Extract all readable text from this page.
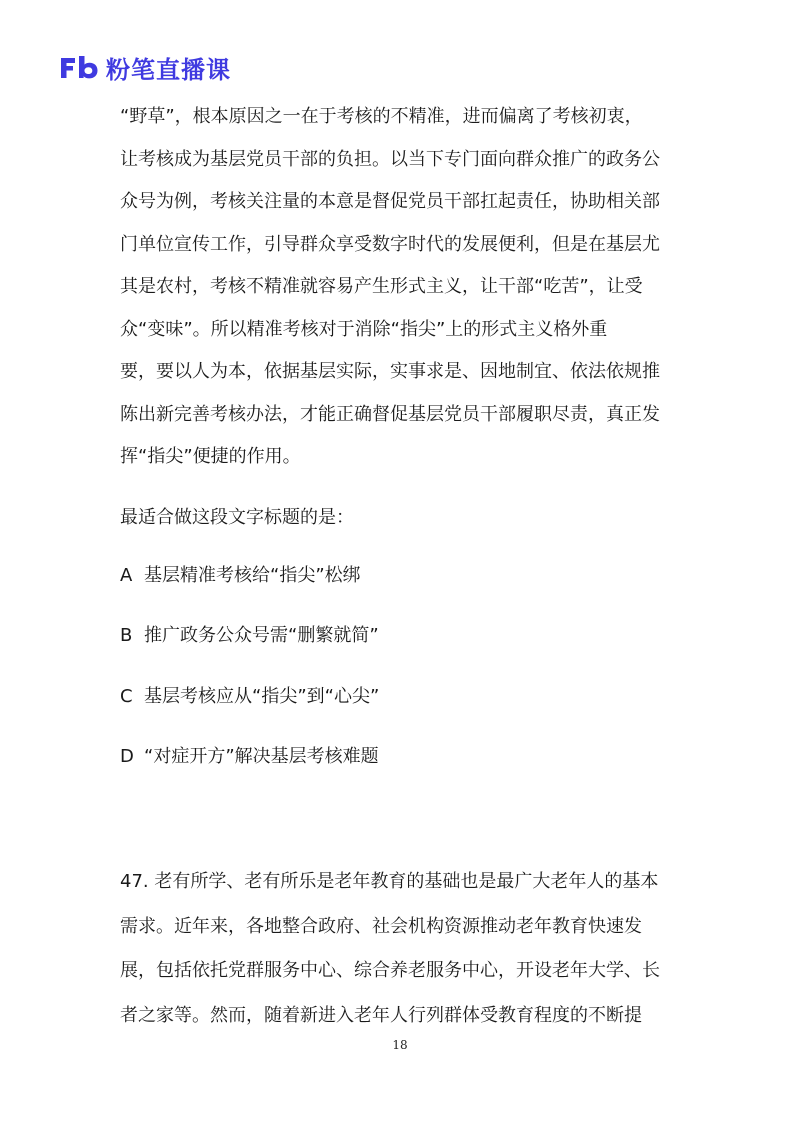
粉笔直播课

“野草”，根本原因之一在于考核的不精准，进而偏离了考核初衷，
让考核成为基层党员干部的负担。以当下专门面向群众推广的政务公
众号为例，考核关注量的本意是督促党员干部扛起责任，协助相关部
门单位宣传工作，引导群众享受数字时代的发展便利，但是在基层尤
其是农村，考核不精准就容易产生形式主义，让干部“吃苦”，让受
众“变味”。所以精准考核对于消除“指尖”上的形式主义格外重
要，要以人为本，依据基层实际，实事求是、因地制宜、依法依规推
陈出新完善考核办法，才能正确督促基层党员干部履职尽责，真正发
挥“指尖”便捷的作用。

最适合做这段文字标题的是：
A 基层精准考核给“指尖”松绑
B 推广政务公众号需“删繁就简”
C 基层考核应从“指尖”到“心尖”
D “对症开方”解决基层考核难题
47. 老有所学、老有所乐是老年教育的基础也是最广大老年人的基本
需求。近年来，各地整合政府、社会机构资源推动老年教育快速发
展，包括依托党群服务中心、综合养老服务中心，开设老年大学、长
者之家等。然而，随着新进入老年人行列群体受教育程度的不断提
18
